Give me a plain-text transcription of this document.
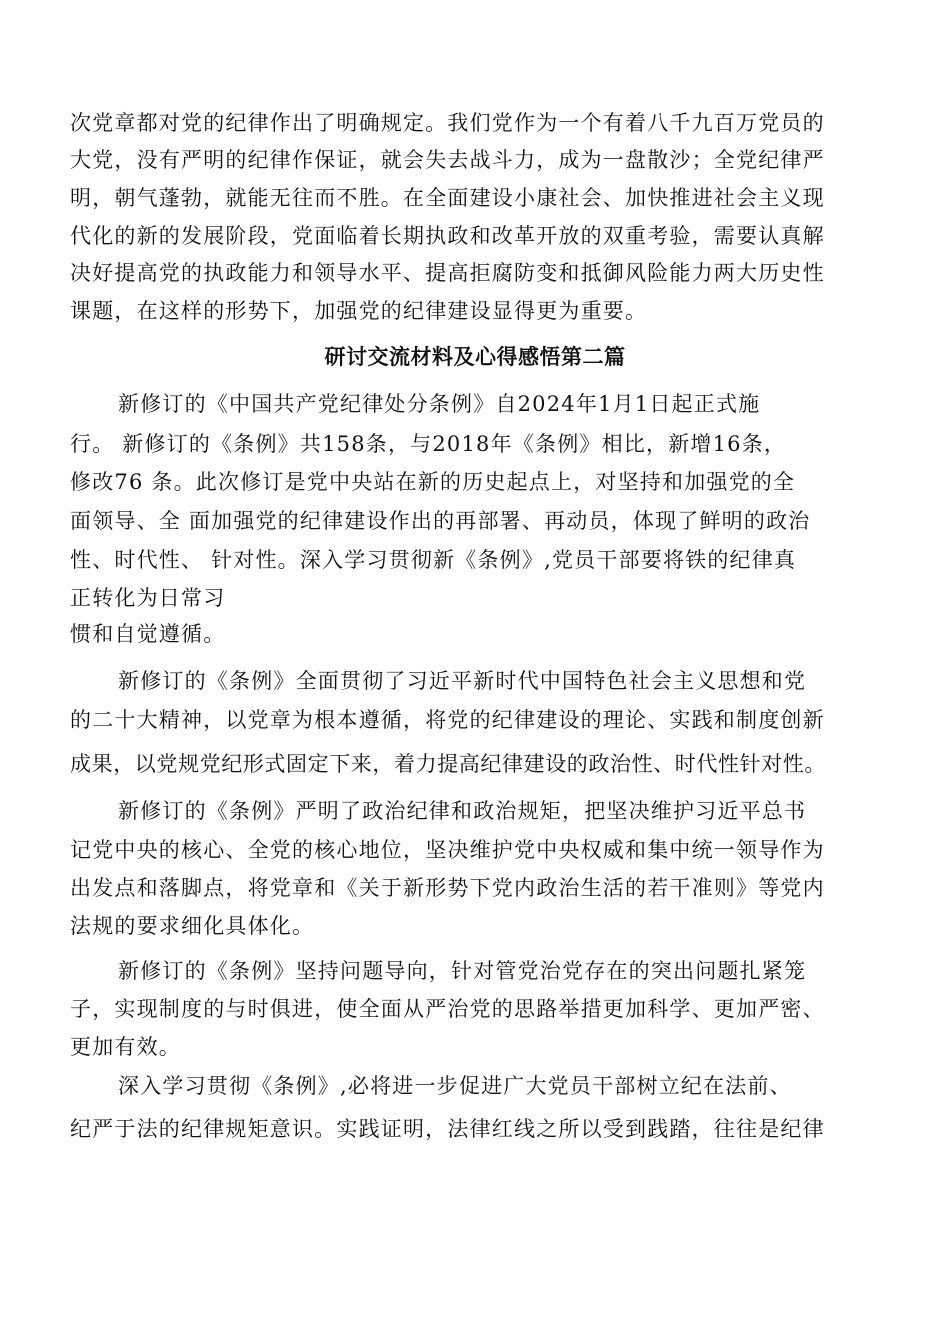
次党章都对党的纪律作出了明确规定。我们党作为一个有着八千九百万党员的
大党，没有严明的纪律作保证，就会失去战斗力，成为一盘散沙；全党纪律严
明，朝气蓬勃，就能无往而不胜。在全面建设小康社会、加快推进社会主义现
代化的新的发展阶段，党面临着长期执政和改革开放的双重考验，需要认真解
决好提高党的执政能力和领导水平、提高拒腐防变和抵御风险能力两大历史性
课题，在这样的形势下，加强党的纪律建设显得更为重要。
研讨交流材料及心得感悟第二篇
新修订的《中国共产党纪律处分条例》自2024年1月1日起正式施
行。 新修订的《条例》共158条，与2018年《条例》相比，新增16条，
修改76 条。此次修订是党中央站在新的历史起点上，对坚持和加强党的全
面领导、全 面加强党的纪律建设作出的再部署、再动员，体现了鲜明的政治
性、时代性、 针对性。深入学习贯彻新《条例》,党员干部要将铁的纪律真
正转化为日常习
惯和自觉遵循。
新修订的《条例》全面贯彻了习近平新时代中国特色社会主义思想和党
的二十大精神，以党章为根本遵循，将党的纪律建设的理论、实践和制度创新
成果，以党规党纪形式固定下来，着力提高纪律建设的政治性、时代性针对性。
新修订的《条例》严明了政治纪律和政治规矩，把坚决维护习近平总书
记党中央的核心、全党的核心地位，坚决维护党中央权威和集中统一领导作为
出发点和落脚点，将党章和《关于新形势下党内政治生活的若干准则》等党内
法规的要求细化具体化。
新修订的《条例》坚持问题导向，针对管党治党存在的突出问题扎紧笼
子，实现制度的与时俱进，使全面从严治党的思路举措更加科学、更加严密、
更加有效。
深入学习贯彻《条例》,必将进一步促进广大党员干部树立纪在法前、
纪严于法的纪律规矩意识。实践证明，法律红线之所以受到践踏，往往是纪律
